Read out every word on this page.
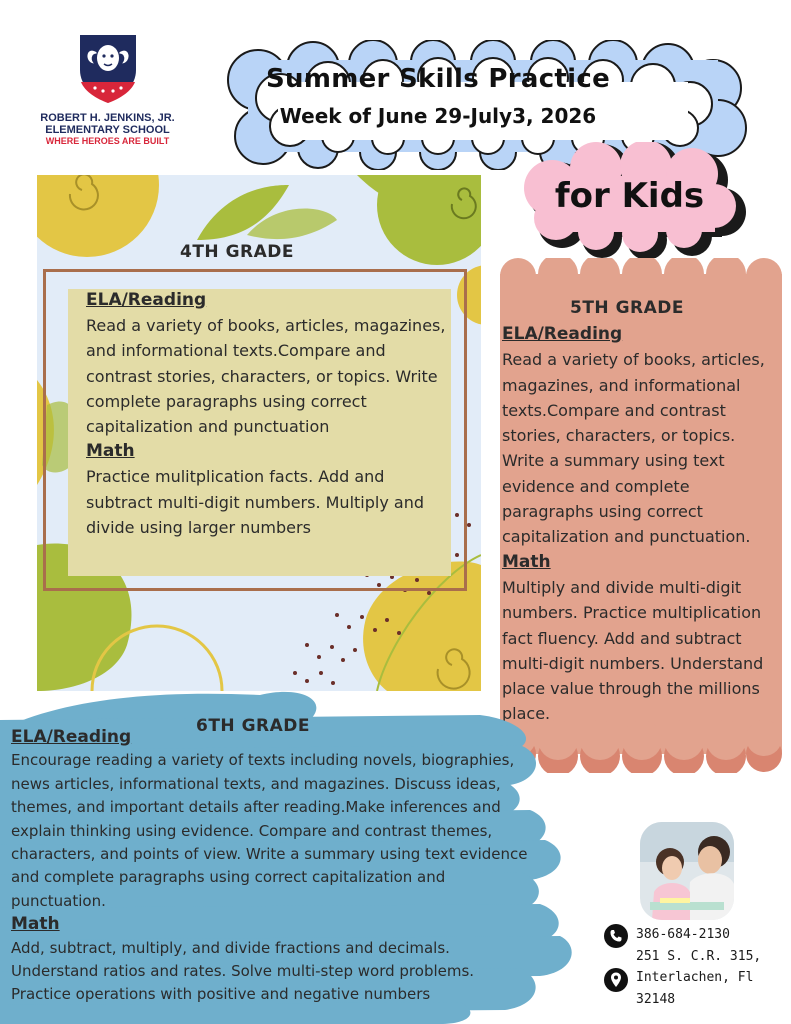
ROBERT H. JENKINS, JR.
ELEMENTARY SCHOOL
WHERE HEROES ARE BUILT
Summer Skills Practice
Week of June 29-July3, 2026
for Kids
4TH GRADE
ELA/Reading
Read a variety of books, articles, magazines, and informational texts.Compare and contrast stories, characters, or topics. Write complete paragraphs using correct capitalization and punctuation
Math
Practice mulitplication facts. Add and subtract multi-digit numbers. Multiply and divide using larger numbers
5TH GRADE
ELA/Reading
Read a variety of books, articles, magazines, and informational texts.Compare and contrast stories, characters, or topics. Write a summary using text evidence and complete paragraphs using correct capitalization and punctuation.
Math
Multiply and divide multi-digit numbers. Practice multiplication fact fluency. Add and subtract multi-digit numbers. Understand place value through the millions place.
6TH GRADE
ELA/Reading
Encourage reading a variety of texts including novels, biographies, news articles, informational texts, and magazines. Discuss ideas, themes, and important details after reading.Make inferences and explain thinking using evidence. Compare and contrast themes, characters, and points of view. Write a summary using text evidence and complete paragraphs using correct capitalization and punctuation.
Math
Add, subtract, multiply, and divide fractions and decimals. Understand ratios and rates. Solve multi-step word problems. Practice operations with positive and negative numbers
386-684-2130
251 S. C.R. 315,
Interlachen, Fl
32148
